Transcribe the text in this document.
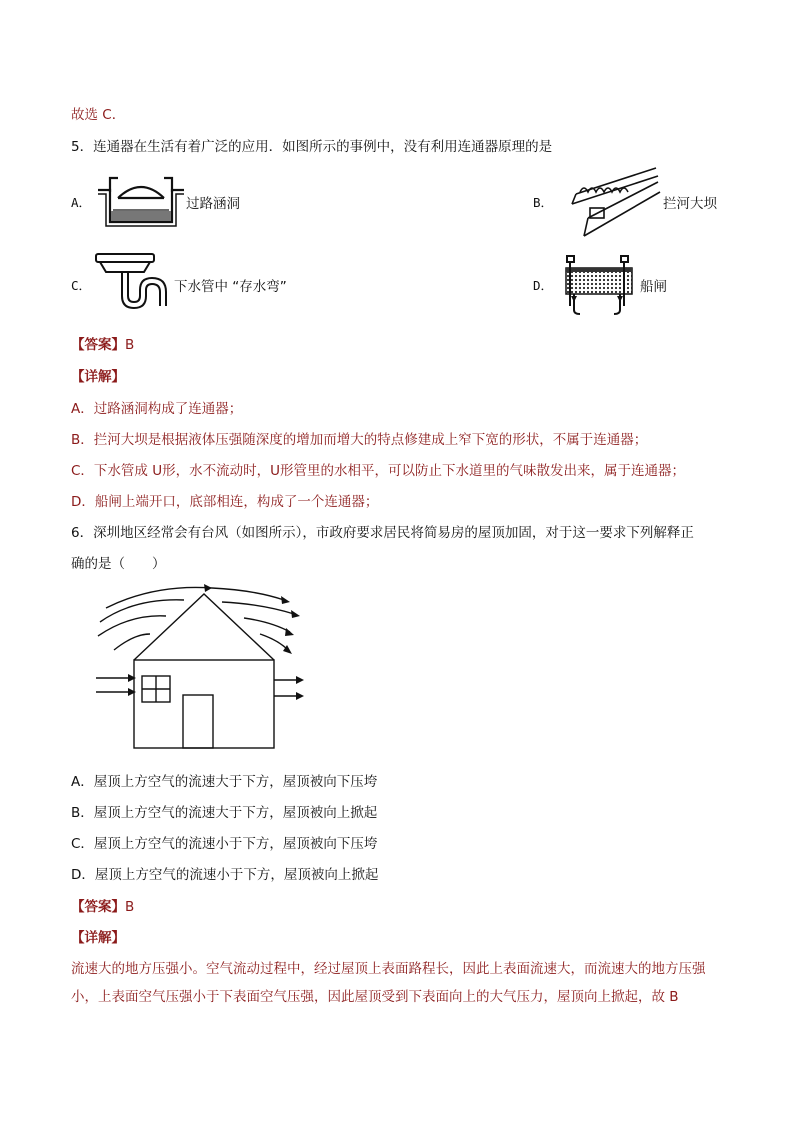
故选 C．
5．连通器在生活有着广泛的应用．如图所示的事例中，没有利用连通器原理的是
A．	过路涵洞	B．	拦河大坝
C．	下水管中 “存水弯”	D．	船闸
【答案】B
【详解】
A．过路涵洞构成了连通器；
B．拦河大坝是根据液体压强随深度的增加而增大的特点修建成上窄下宽的形状，不属于连通器；
C．下水管成 U形，水不流动时，U形管里的水相平，可以防止下水道里的气味散发出来，属于连通器；
D．船闸上端开口，底部相连，构成了一个连通器；
6．深圳地区经常会有台风（如图所示），市政府要求居民将简易房的屋顶加固，对于这一要求下列解释正
确的是（　　）
A．屋顶上方空气的流速大于下方，屋顶被向下压垮
B．屋顶上方空气的流速大于下方，屋顶被向上掀起
C．屋顶上方空气的流速小于下方，屋顶被向下压垮
D．屋顶上方空气的流速小于下方，屋顶被向上掀起
【答案】B
【详解】
流速大的地方压强小。空气流动过程中，经过屋顶上表面路程长，因此上表面流速大，而流速大的地方压强小，上表面空气压强小于下表面空气压强，因此屋顶受到下表面向上的大气压力，屋顶向上掀起，故 B
